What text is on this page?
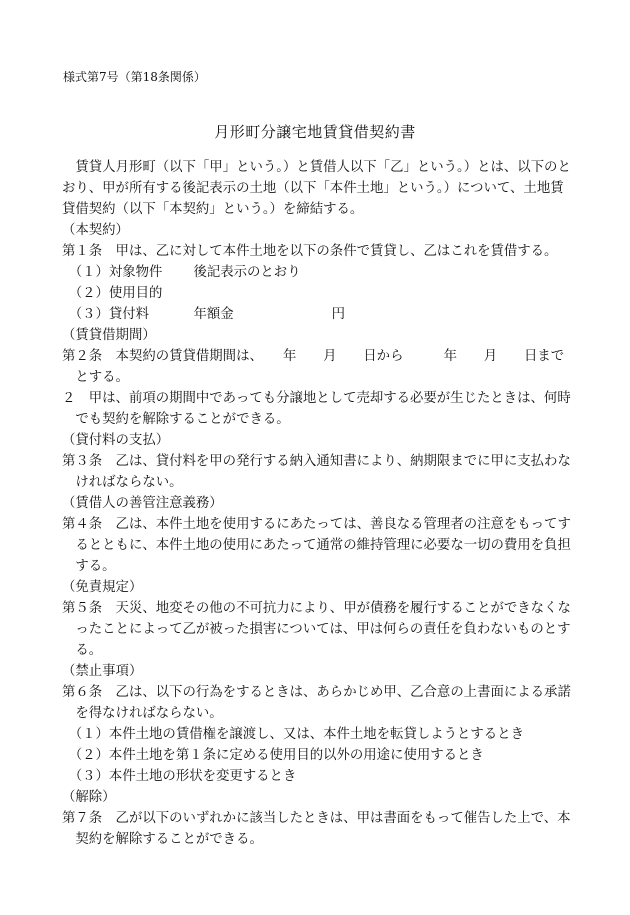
様式第7号（第18条関係）
月形町分譲宅地賃貸借契約書
　賃貸人月形町（以下「甲」という。）と賃借人以下「乙」という。）とは、以下のと
おり、甲が所有する後記表示の土地（以下「本件土地」という。）について、土地賃
貸借契約（以下「本契約」という。）を締結する。
（本契約）
第１条　甲は、乙に対して本件土地を以下の条件で賃貸し、乙はこれを賃借する。
　（１）対象物件　　 後記表示のとおり
　（２）使用目的
　（３）貸付料　　　 年額金　　　　　　　 円
（賃貸借期間）
第２条　本契約の賃貸借期間は、　　年　　月　　日から　　　年　　月　　日まで
　とする。
２　甲は、前項の期間中であっても分譲地として売却する必要が生じたときは、何時
　でも契約を解除することができる。
（貸付料の支払）
第３条　乙は、貸付料を甲の発行する納入通知書により、納期限までに甲に支払わな
　ければならない。
（賃借人の善管注意義務）
第４条　乙は、本件土地を使用するにあたっては、善良なる管理者の注意をもってす
　るとともに、本件土地の使用にあたって通常の維持管理に必要な一切の費用を負担
　する。
（免責規定）
第５条　天災、地変その他の不可抗力により、甲が債務を履行することができなくな
　ったことによって乙が被った損害については、甲は何らの責任を負わないものとす
　る。
（禁止事項）
第６条　乙は、以下の行為をするときは、あらかじめ甲、乙合意の上書面による承諾
　を得なければならない。
　（１）本件土地の賃借権を譲渡し、又は、本件土地を転貸しようとするとき
　（２）本件土地を第１条に定める使用目的以外の用途に使用するとき
　（３）本件土地の形状を変更するとき
（解除）
第７条　乙が以下のいずれかに該当したときは、甲は書面をもって催告した上で、本
　契約を解除することができる。
